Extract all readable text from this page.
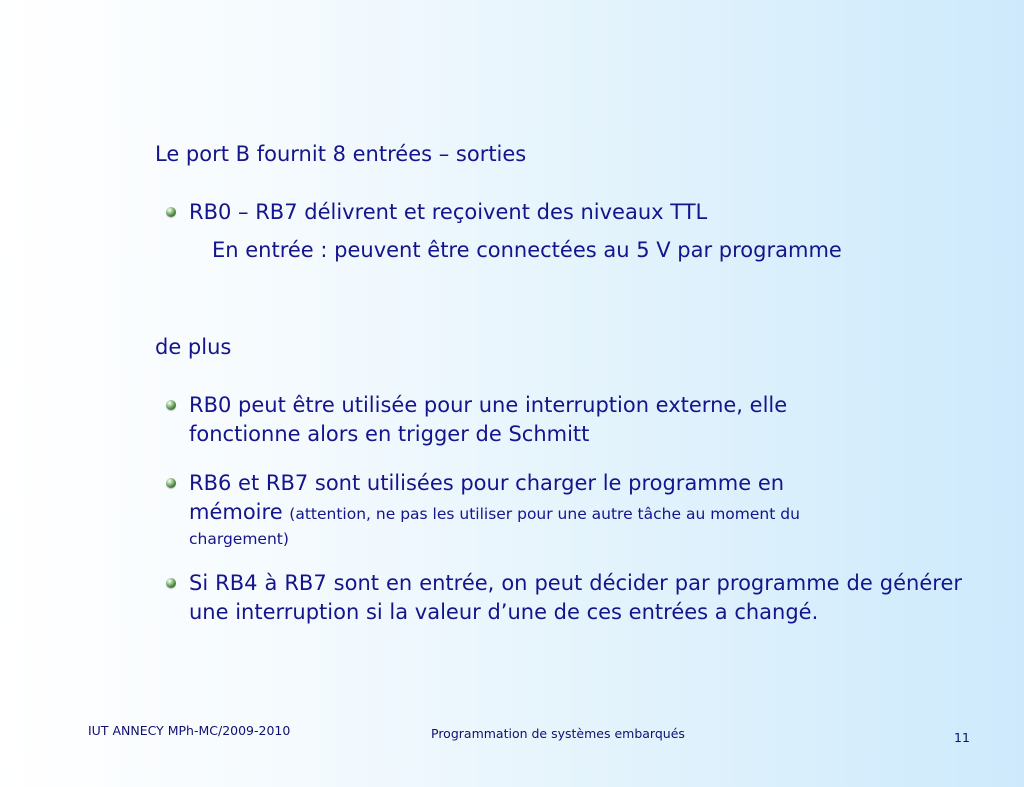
Le port B fournit 8 entrées – sorties
RB0 – RB7 délivrent et reçoivent des niveaux TTL
En entrée : peuvent être connectées au 5 V par programme
de plus
RB0 peut être utilisée pour une interruption externe, elle
fonctionne alors en trigger de Schmitt
RB6 et RB7 sont utilisées pour charger le programme en
mémoire (attention, ne pas les utiliser pour une autre tâche au moment du
chargement)
Si RB4 à RB7 sont en entrée, on peut décider par programme de générer une interruption si la valeur d’une de ces entrées a changé.
IUT ANNECY MPh-MC/2009-2010	Programmation de systèmes embarqués	11
